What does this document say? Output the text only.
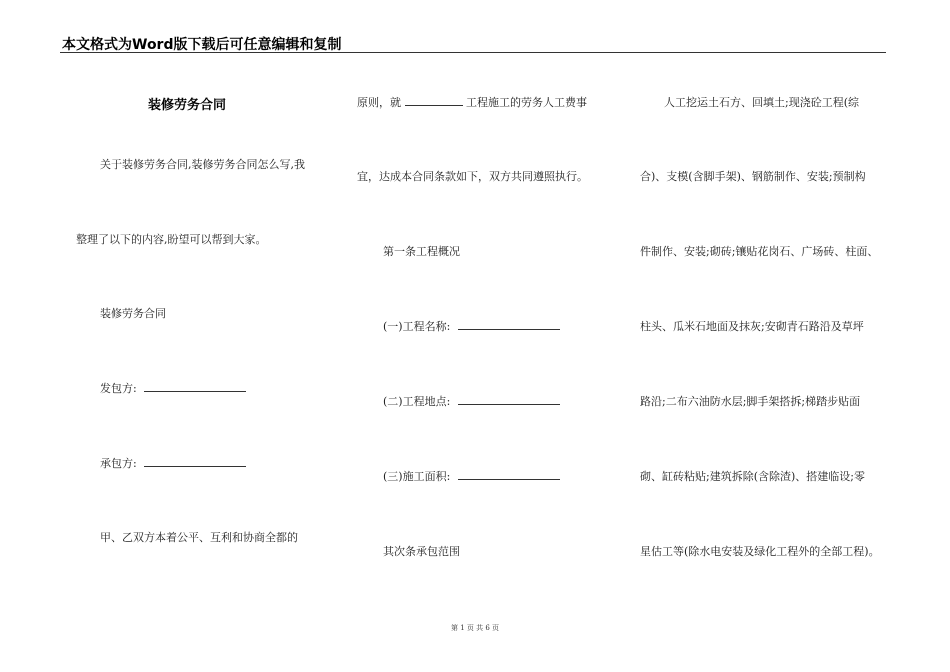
本文格式为Word版下载后可任意编辑和复制
装修劳务合同
关于装修劳务合同,装修劳务合同怎么写,我
整理了以下的内容,盼望可以帮到大家。
装修劳务合同
发包方:
承包方:
甲、乙双方本着公平、互利和协商全都的
原则，就	工程施工的劳务人工费事
宜，达成本合同条款如下，双方共同遵照执行。
第一条工程概况
(一)工程名称:
(二)工程地点:
(三)施工面积:
其次条承包范围
人工挖运土石方、回填土;现浇砼工程(综
合)、支模(含脚手架)、钢筋制作、安装;预制构
件制作、安装;砌砖;镶贴花岗石、广场砖、柱面、
柱头、瓜米石地面及抹灰;安砌青石路沿及草坪
路沿;二布六油防水层;脚手架搭拆;梯踏步贴面
砌、缸砖粘贴;建筑拆除(含除渣)、搭建临设;零
星估工等(除水电安装及绿化工程外的全部工程)。
第 1 页 共 6 页
